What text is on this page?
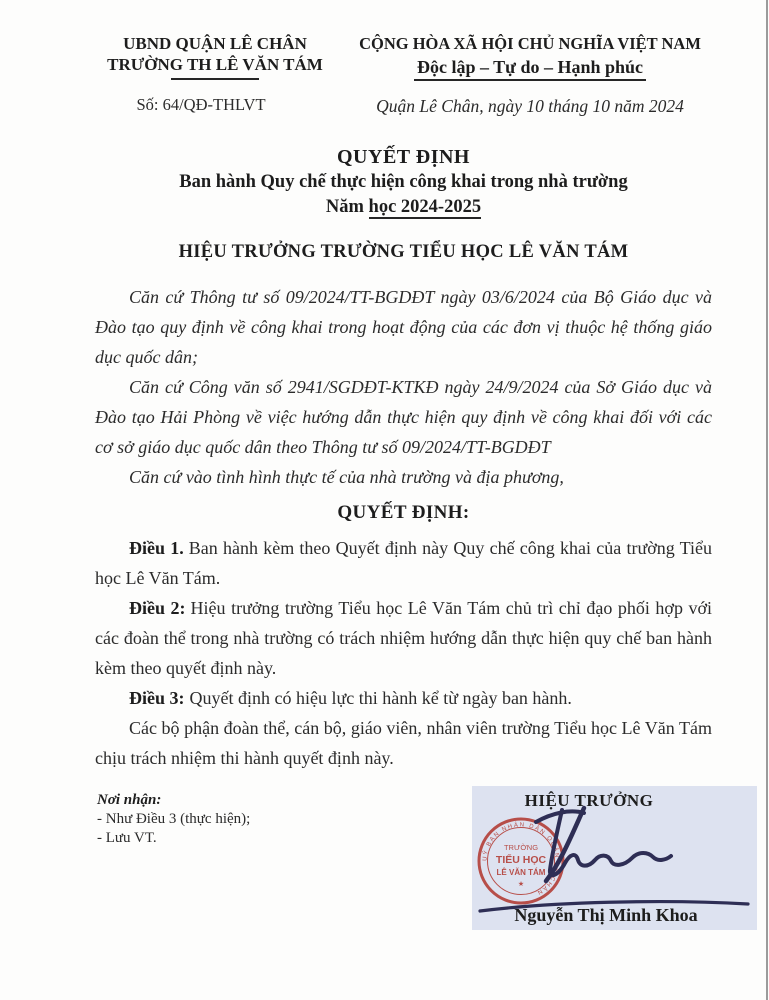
UBND QUẬN LÊ CHÂN
TRƯỜNG TH LÊ VĂN TÁM
Số: 64/QĐ-THLVT
CỘNG HÒA XÃ HỘI CHỦ NGHĨA VIỆT NAM
Độc lập – Tự do – Hạnh phúc
Quận Lê Chân, ngày 10 tháng 10 năm 2024
QUYẾT ĐỊNH
Ban hành Quy chế thực hiện công khai trong nhà trường
Năm học 2024-2025
HIỆU TRƯỞNG TRƯỜNG TIỂU HỌC LÊ VĂN TÁM

Căn cứ Thông tư số 09/2024/TT-BGDĐT ngày 03/6/2024 của Bộ Giáo dục và Đào tạo quy định về công khai trong hoạt động của các đơn vị thuộc hệ thống giáo dục quốc dân;

Căn cứ Công văn số 2941/SGDĐT-KTKĐ ngày 24/9/2024 của Sở Giáo dục và Đào tạo Hải Phòng về việc hướng dẫn thực hiện quy định về công khai đối với các cơ sở giáo dục quốc dân theo Thông tư số 09/2024/TT-BGDĐT

Căn cứ vào tình hình thực tế của nhà trường và địa phương,

QUYẾT ĐỊNH:

Điều 1. Ban hành kèm theo Quyết định này Quy chế công khai của trường Tiểu học Lê Văn Tám.

Điều 2: Hiệu trưởng trường Tiểu học Lê Văn Tám chủ trì chỉ đạo phối hợp với các đoàn thể trong nhà trường có trách nhiệm hướng dẫn thực hiện quy chế ban hành kèm theo quyết định này.

Điều 3: Quyết định có hiệu lực thi hành kể từ ngày ban hành.

Các bộ phận đoàn thể, cán bộ, giáo viên, nhân viên trường Tiểu học Lê Văn Tám chịu trách nhiệm thi hành quyết định này.

Nơi nhận:
- Như Điều 3 (thực hiện);
- Lưu VT.
UỶ BAN NHÂN DÂN QUẬN LÊ CHÂN
TRƯỜNG
TIỂU HỌC
LÊ VĂN TÁM
★
HIỆU TRƯỞNG
Nguyễn Thị Minh Khoa
